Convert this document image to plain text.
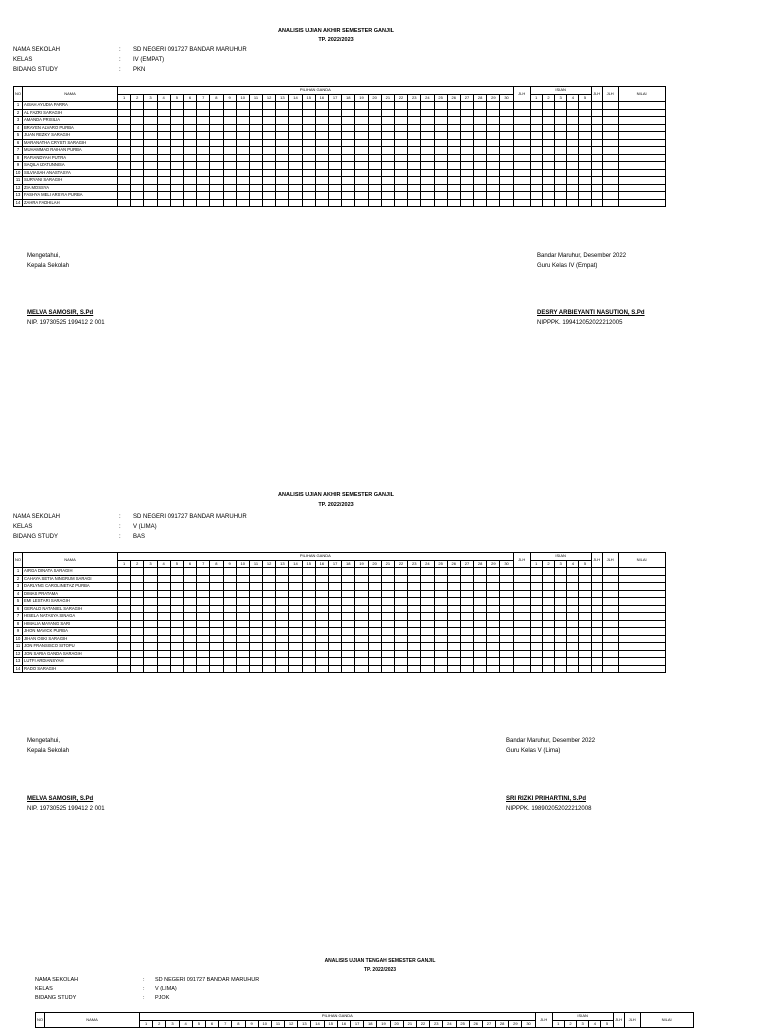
ANALISIS UJIAN AKHIR SEMESTER GANJIL
TP. 2022/2023
NAMA SEKOLAH	: SD NEGERI 091727 BANDAR MARUHUR
KELAS	: IV (EMPAT)
BIDANG STUDY	: PKN
NO	NAMA	PILIHAN GANDA																														JLH	ISIAN					JLH	JLH	NILAI	
		1	2	3	4	5	6	7	8	9	10	11	12	13	14	15	16	17	18	19	20	21	22	23	24	25	26	27	28	29	30		1	2	3	4	5				
1	AISAH AYUDIA PARRA																																								
2	AL FAZRI SARAGIH																																								
3	AMANDA PRISILIA																																								
4	BRAYEN ALVARO PURBA																																								
5	JUAN REZKY SARAGIH																																								
6	MARANATHA CRYSTI SARAGIH																																								
7	MUHAMMAD RAIHAN PURBA																																								
8	RAFIANDYAH PUTRA																																								
9	SAQILA IZATUNNISA																																								
10	SILVIASAH ANASTASYA																																								
11	SURYANI SARAGIH																																								
12	ZIA MOSSYA																																								
13	FASHYA MELI ARSYIA PURBA																																								
14	ZAHRA FADHILAH																																								
Mengetahui,
Kepala Sekolah
MELVA SAMOSIR, S.Pd
NIP. 19730525 199412 2 001
Bandar Maruhur, Desember 2022
Guru Kelas IV (Empat)
DESRY ARBIEYANTI NASUTION, S.Pd
NIPPPK. 199412052022212005
ANALISIS UJIAN AKHIR SEMESTER GANJIL
TP. 2022/2023
NAMA SEKOLAH	: SD NEGERI 091727 BANDAR MARUHUR
KELAS	: V (LIMA)
BIDANG STUDY	: BAS
NO	NAMA	PILIHAN GANDA																														JLH	ISIAN					JLH	JLH	NILAI	
		1	2	3	4	5	6	7	8	9	10	11	12	13	14	15	16	17	18	19	20	21	22	23	24	25	26	27	28	29	30		1	2	3	4	5				
1	AIRGA DINATA SARAGIH																																								
2	CAHAYA SETIA NINGRUM SARAGI																																								
3	DARLYNG CAROLINETAZ PURBA																																								
4	DIMAS PRATAMA																																								
5	EMI LESTARI SARAGIH																																								
6	GERALD NATANIEL SARAGIH																																								
7	HISELA NATASYA SINAGA																																								
8	HIMALIA MAYANG SARI																																								
9	JHON MAVICK PURBA																																								
10	JIHAN OSKI SARAGIH																																								
11	JON FRANSISCO SITOPU																																								
12	JON SARIA GANDA SARAGIH																																								
13	LUTFI ARDIANSYAH																																								
14	RADO SARAGIH																																								
Mengetahui,
Kepala Sekolah
MELVA SAMOSIR, S.Pd
NIP. 19730525 199412 2 001
Bandar Maruhur, Desember 2022
Guru Kelas V (Lima)
SRI RIZKI PRIHARTINI, S.Pd
NIPPPK. 198902052022212008
ANALISIS UJIAN TENGAH SEMESTER GANJIL
TP. 2022/2023
NAMA SEKOLAH	: SD NEGERI 091727 BANDAR MARUHUR
KELAS	: V (LIMA)
BIDANG STUDY	: PJOK
NO	NAMA	PILIHAN GANDA																														JLH	ISIAN					JLH	JLH	NILAI
		1	2	3	4	5	6	7	8	9	10	11	12	13	14	15	16	17	18	19	20	21	22	23	24	25	26	27	28	29	30		1	2	3	4	5			
